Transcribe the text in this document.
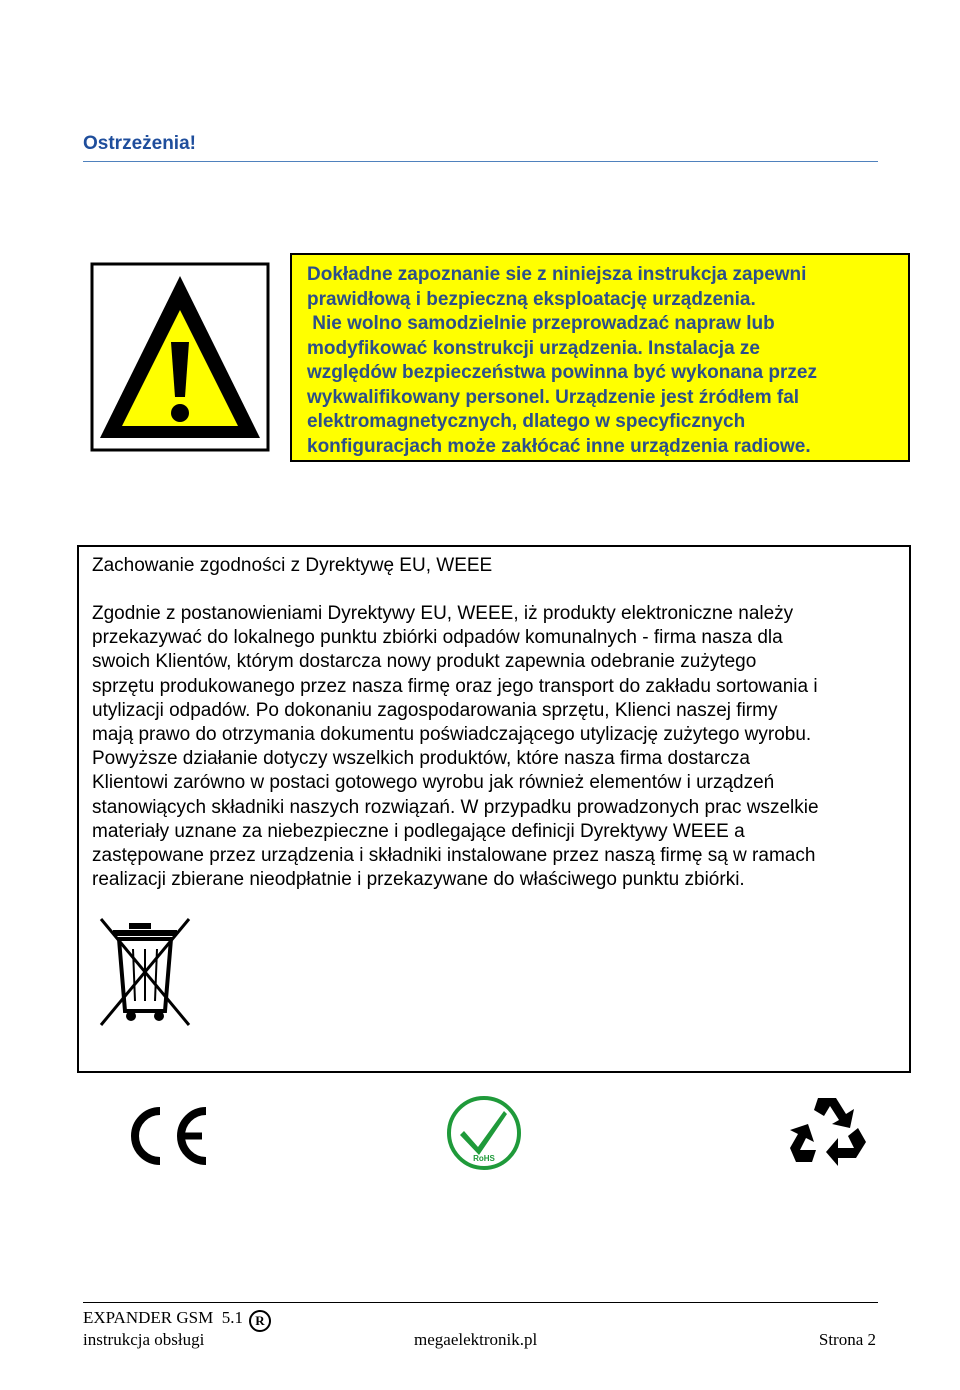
Ostrzeżenia!
Dokładne zapoznanie sie z niniejsza instrukcja zapewni
prawidłową i bezpieczną eksploatację urządzenia.
Nie wolno samodzielnie przeprowadzać napraw lub
modyfikować konstrukcji urządzenia. Instalacja ze
względów bezpieczeństwa powinna być wykonana przez
wykwalifikowany personel. Urządzenie jest źródłem fal
elektromagnetycznych, dlatego w specyficznych
konfiguracjach może zakłócać inne urządzenia radiowe.
Zachowanie zgodności z Dyrektywę EU, WEEE
Zgodnie z postanowieniami Dyrektywy EU, WEEE, iż produkty elektroniczne należy
przekazywać do lokalnego punktu zbiórki odpadów komunalnych - firma nasza dla
swoich Klientów, którym dostarcza nowy produkt zapewnia odebranie zużytego
sprzętu produkowanego przez nasza firmę oraz jego transport do zakładu sortowania i
utylizacji odpadów. Po dokonaniu zagospodarowania sprzętu, Klienci naszej firmy
mają prawo do otrzymania dokumentu poświadczającego utylizację zużytego wyrobu.
Powyższe działanie dotyczy wszelkich produktów, które nasza firma dostarcza
Klientowi zarówno w postaci gotowego wyrobu jak również elementów i urządzeń
stanowiących składniki naszych rozwiązań. W przypadku prowadzonych prac wszelkie
materiały uznane za niebezpieczne i podlegające definicji Dyrektywy WEEE a
zastępowane przez urządzenia i składniki instalowane przez naszą firmę są w ramach
realizacji zbierane nieodpłatnie i przekazywane do właściwego punktu zbiórki.
RoHS
EXPANDER GSM  5.1 R
instrukcja obsługi	megaelektronik.pl	Strona 2
